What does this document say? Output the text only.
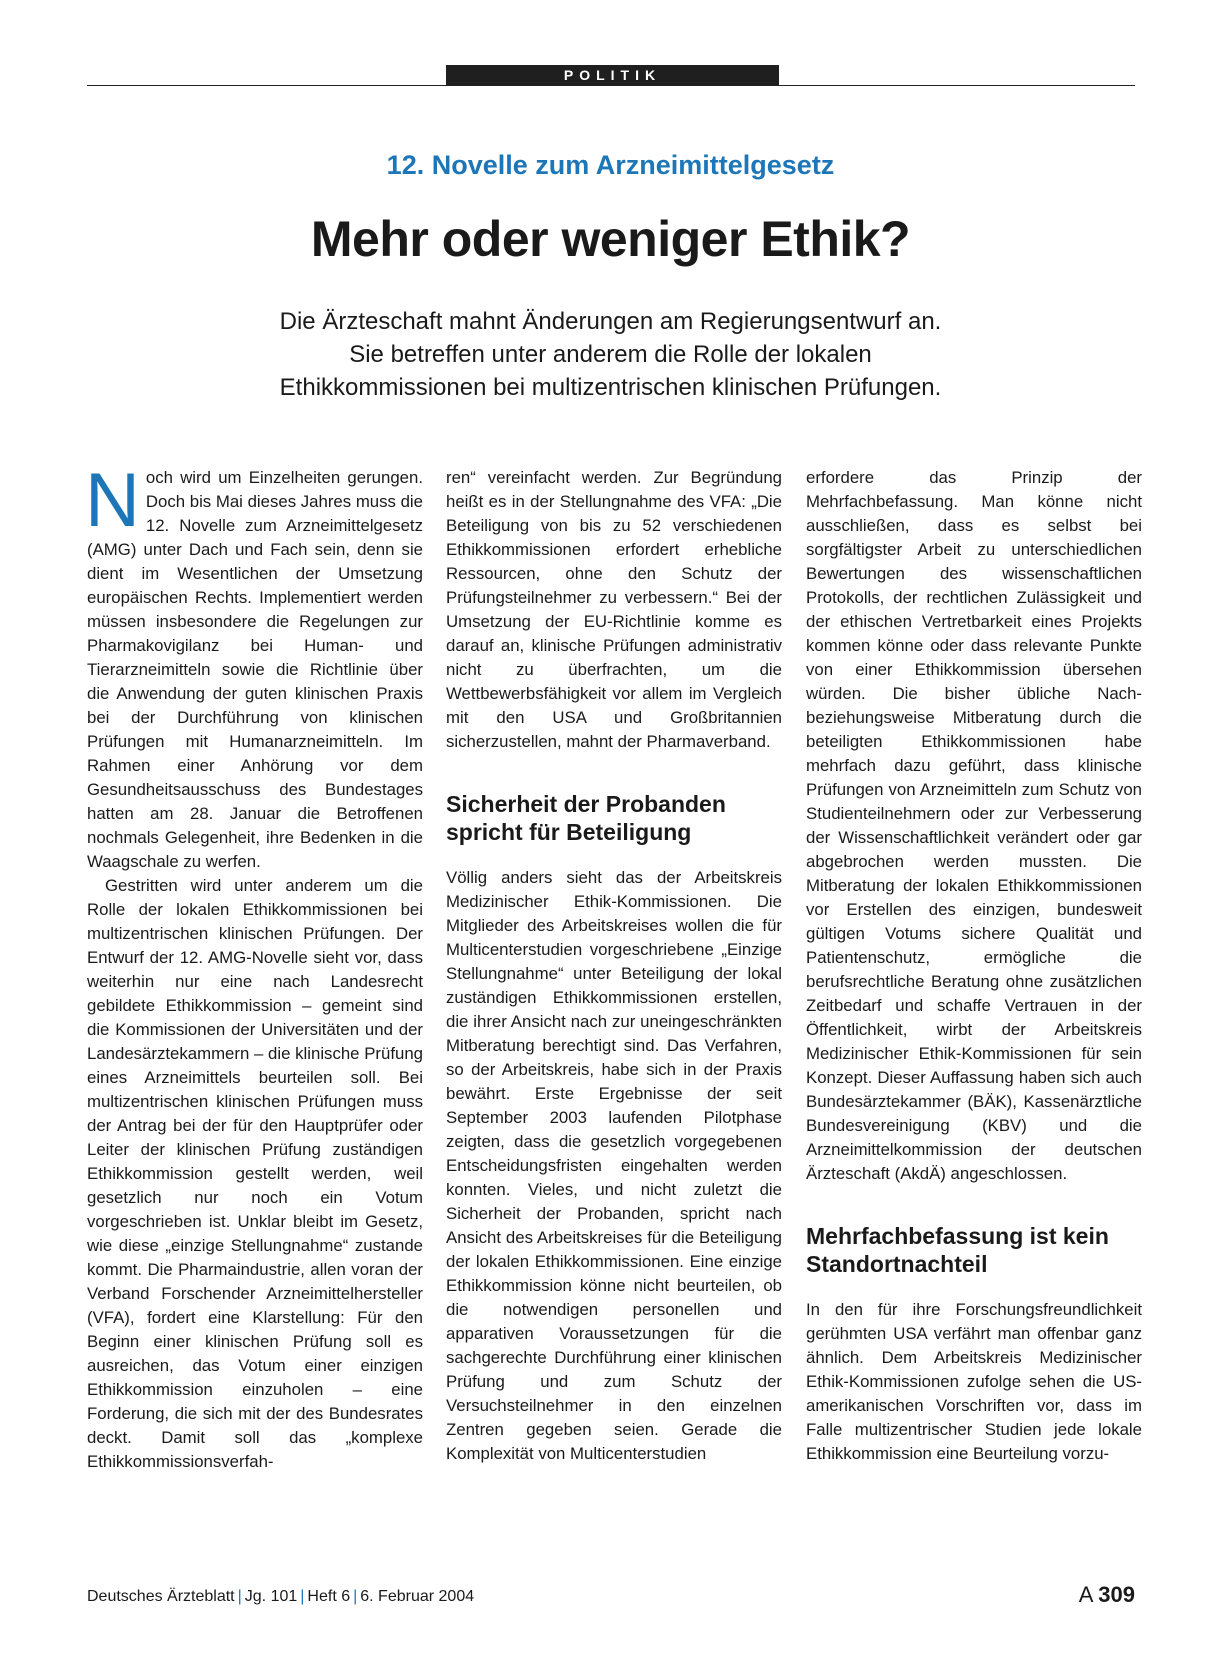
POLITIK
12. Novelle zum Arzneimittelgesetz
Mehr oder weniger Ethik?
Die Ärzteschaft mahnt Änderungen am Regierungsentwurf an.
Sie betreffen unter anderem die Rolle der lokalen
Ethikkommissionen bei multizentrischen klinischen Prüfungen.

Noch wird um Einzelheiten gerungen. Doch bis Mai dieses Jahres muss die 12. Novelle zum Arzneimittelgesetz (AMG) unter Dach und Fach sein, denn sie dient im Wesentlichen der Umsetzung europäischen Rechts. Implementiert werden müssen insbesondere die Regelungen zur Pharmakovigilanz bei Human- und Tierarzneimitteln sowie die Richtlinie über die Anwendung der guten klinischen Praxis bei der Durchführung von klinischen Prüfungen mit Humanarzneimitteln. Im Rahmen einer Anhörung vor dem Gesundheitsausschuss des Bundestages hatten am 28. Januar die Betroffenen nochmals Gelegenheit, ihre Bedenken in die Waagschale zu werfen.

Gestritten wird unter anderem um die Rolle der lokalen Ethikkommissionen bei multizentrischen klinischen Prüfungen. Der Entwurf der 12. AMG-Novelle sieht vor, dass weiterhin nur eine nach Landesrecht gebildete Ethikkommission – gemeint sind die Kommissionen der Universitäten und der Landesärztekammern – die klinische Prüfung eines Arzneimittels beurteilen soll. Bei multizentrischen klinischen Prüfungen muss der Antrag bei der für den Hauptprüfer oder Leiter der klinischen Prüfung zuständigen Ethikkommission gestellt werden, weil gesetzlich nur noch ein Votum vorgeschrieben ist. Unklar bleibt im Gesetz, wie diese „einzige Stellungnahme“ zustande kommt. Die Pharmaindustrie, allen voran der Verband Forschender Arzneimittelhersteller (VFA), fordert eine Klarstellung: Für den Beginn einer klinischen Prüfung soll es ausreichen, das Votum einer einzigen Ethikkommission einzuholen – eine Forderung, die sich mit der des Bundesrates deckt. Damit soll das „komplexe Ethikkommissionsverfah-

ren“ vereinfacht werden. Zur Begründung heißt es in der Stellungnahme des VFA: „Die Beteiligung von bis zu 52 verschiedenen Ethikkommissionen erfordert erhebliche Ressourcen, ohne den Schutz der Prüfungsteilnehmer zu verbessern.“ Bei der Umsetzung der EU-Richtlinie komme es darauf an, klinische Prüfungen administrativ nicht zu überfrachten, um die Wettbewerbsfähigkeit vor allem im Vergleich mit den USA und Großbritannien sicherzustellen, mahnt der Pharmaverband.

Sicherheit der Probanden spricht für Beteiligung

Völlig anders sieht das der Arbeitskreis Medizinischer Ethik-Kommissionen. Die Mitglieder des Arbeitskreises wollen die für Multicenterstudien vorgeschriebene „Einzige Stellungnahme“ unter Beteiligung der lokal zuständigen Ethikkommissionen erstellen, die ihrer Ansicht nach zur uneingeschränkten Mitberatung berechtigt sind. Das Verfahren, so der Arbeitskreis, habe sich in der Praxis bewährt. Erste Ergebnisse der seit September 2003 laufenden Pilotphase zeigten, dass die gesetzlich vorgegebenen Entscheidungsfristen eingehalten werden konnten. Vieles, und nicht zuletzt die Sicherheit der Probanden, spricht nach Ansicht des Arbeitskreises für die Beteiligung der lokalen Ethikkommissionen. Eine einzige Ethikkommission könne nicht beurteilen, ob die notwendigen personellen und apparativen Voraussetzungen für die sachgerechte Durchführung einer klinischen Prüfung und zum Schutz der Versuchsteilnehmer in den einzelnen Zentren gegeben seien. Gerade die Komplexität von Multicenterstudien

erfordere das Prinzip der Mehrfachbefassung. Man könne nicht ausschließen, dass es selbst bei sorgfältigster Arbeit zu unterschiedlichen Bewertungen des wissenschaftlichen Protokolls, der rechtlichen Zulässigkeit und der ethischen Vertretbarkeit eines Projekts kommen könne oder dass relevante Punkte von einer Ethikkommission übersehen würden. Die bisher übliche Nach- beziehungsweise Mitberatung durch die beteiligten Ethikkommissionen habe mehrfach dazu geführt, dass klinische Prüfungen von Arzneimitteln zum Schutz von Studienteilnehmern oder zur Verbesserung der Wissenschaftlichkeit verändert oder gar abgebrochen werden mussten. Die Mitberatung der lokalen Ethikkommissionen vor Erstellen des einzigen, bundesweit gültigen Votums sichere Qualität und Patientenschutz, ermögliche die berufsrechtliche Beratung ohne zusätzlichen Zeitbedarf und schaffe Vertrauen in der Öffentlichkeit, wirbt der Arbeitskreis Medizinischer Ethik-Kommissionen für sein Konzept. Dieser Auffassung haben sich auch Bundesärztekammer (BÄK), Kassenärztliche Bundesvereinigung (KBV) und die Arzneimittelkommission der deutschen Ärzteschaft (AkdÄ) angeschlossen.

Mehrfachbefassung ist kein Standortnachteil

In den für ihre Forschungsfreundlichkeit gerühmten USA verfährt man offenbar ganz ähnlich. Dem Arbeitskreis Medizinischer Ethik-Kommissionen zufolge sehen die US-amerikanischen Vorschriften vor, dass im Falle multizentrischer Studien jede lokale Ethikkommission eine Beurteilung vorzu-

Deutsches Ärzteblatt | Jg. 101 | Heft 6 | 6. Februar 2004	A 309
